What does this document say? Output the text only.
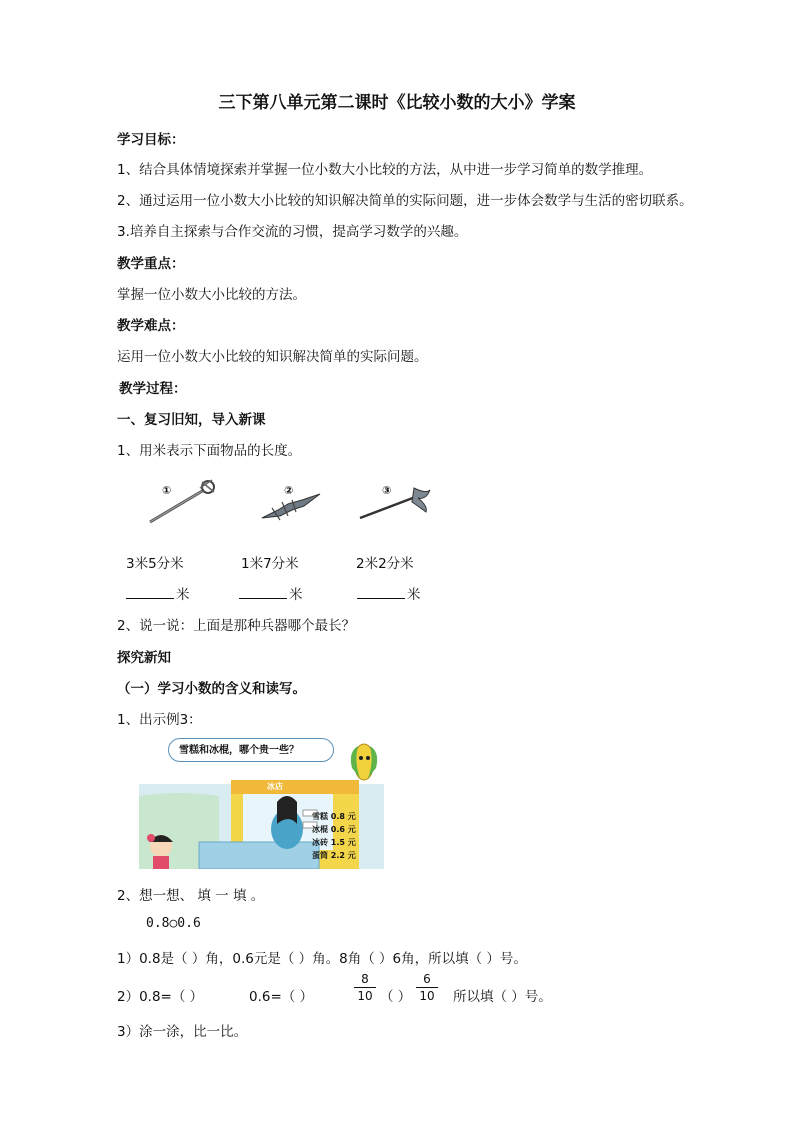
三下第八单元第二课时《比较小数的大小》学案
学习目标：
1、结合具体情境探索并掌握一位小数大小比较的方法，从中进一步学习简单的数学推理。
2、通过运用一位小数大小比较的知识解决简单的实际问题，进一步体会数学与生活的密切联系。
3.培养自主探索与合作交流的习惯，提高学习数学的兴趣。
教学重点：
掌握一位小数大小比较的方法。
教学难点：
运用一位小数大小比较的知识解决简单的实际问题。
教学过程：
一、复习旧知，导入新课
1、用米表示下面物品的长度。
①	②	③
3米5分米	1米7分米	2米2分米
米	米	米
2、说一说：上面是那种兵器哪个最长？
探究新知
（一）学习小数的含义和读写。
1、出示例3：
冰店
雪糕和冰棍，哪个贵一些？
雪糕 0.8 元
冰棍 0.6 元
冰砖 1.5 元
蛋筒 2.2 元
2、想一想、 填 一 填 。
0.8○0.6
1）0.8是（ ）角，0.6元是（ ）角。8角（ ）6角，所以填（ ）号。
2）0.8=（ ）	0.6=（ ）	$\frac{8}{10}$ （ ） $\frac{6}{10}$ 所以填（ ）号。
3）涂一涂，比一比。
